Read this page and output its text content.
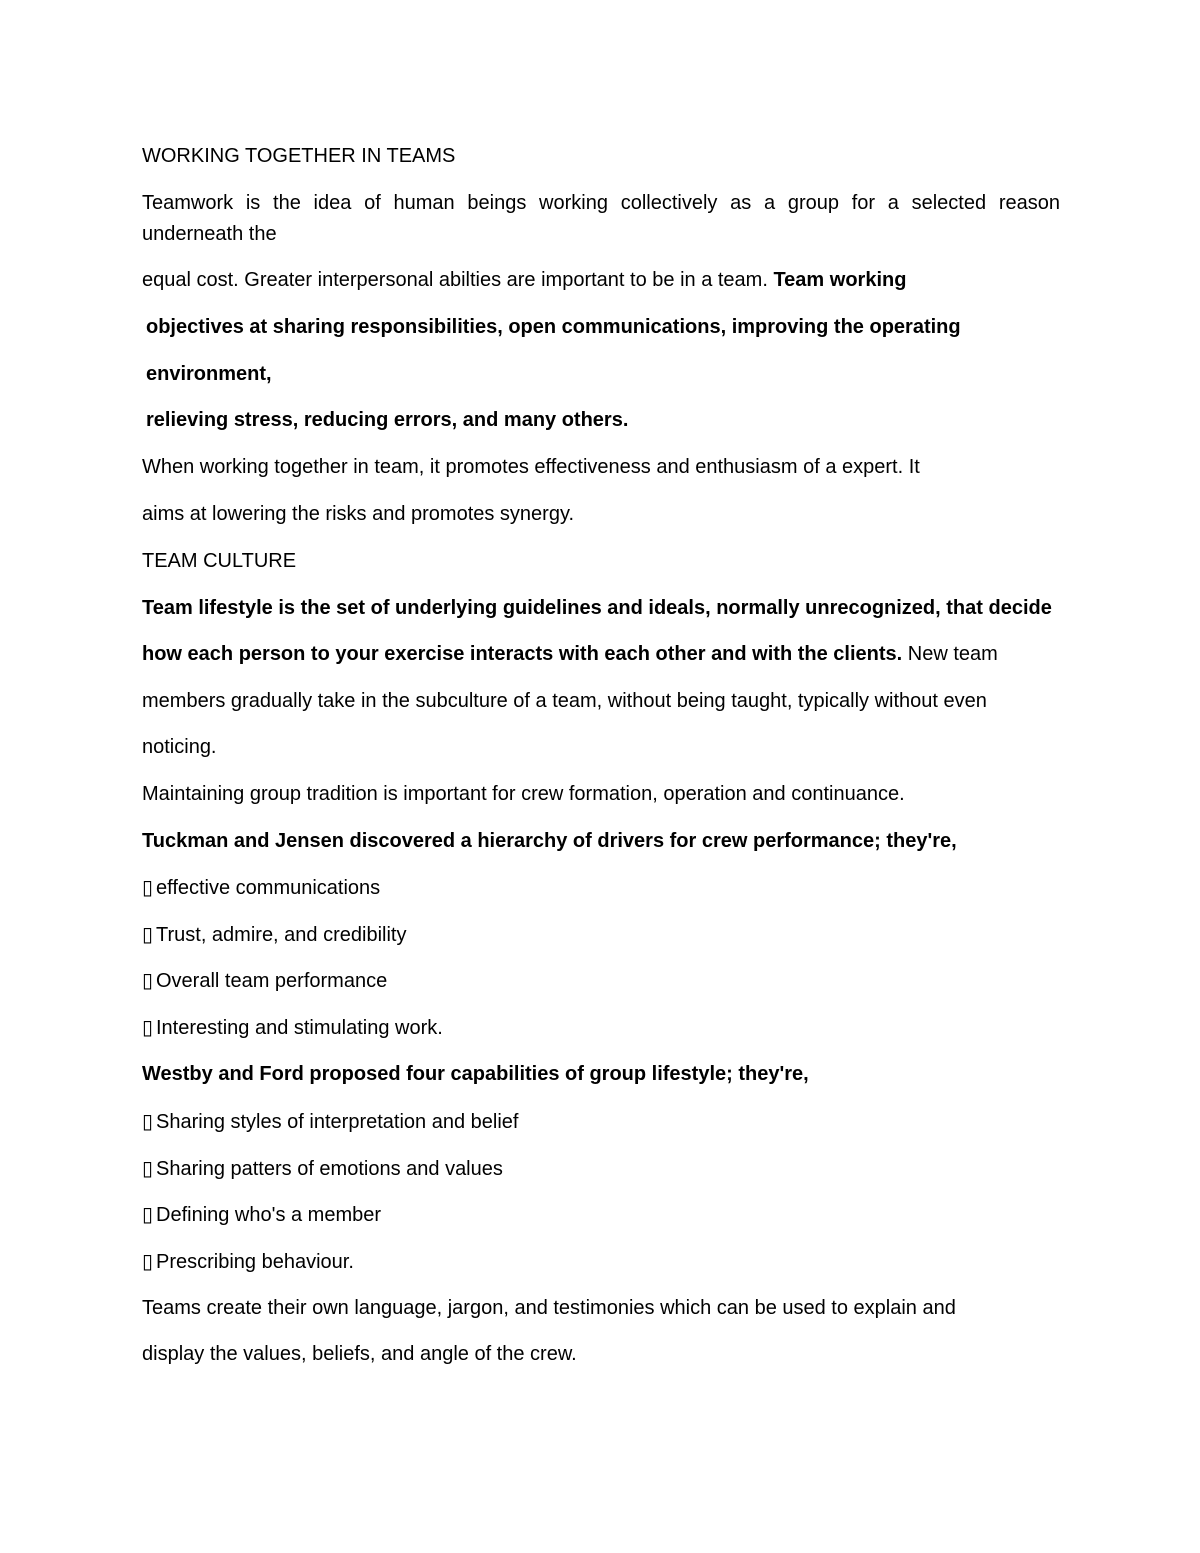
WORKING TOGETHER IN TEAMS
Teamwork is the idea of human beings working collectively as a group for a selected reason
underneath the
equal cost. Greater interpersonal abilties are important to be in a team. Team working
objectives at sharing responsibilities, open communications, improving the operating
environment,
relieving stress, reducing errors, and many others.
When working together in team, it promotes effectiveness and enthusiasm of a expert. It
aims at lowering the risks and promotes synergy.
TEAM CULTURE
Team lifestyle is the set of underlying guidelines and ideals, normally unrecognized, that decide
how each person to your exercise interacts with each other and with the clients. New team
members gradually take in the subculture of a team, without being taught, typically without even
noticing.
Maintaining group tradition is important for crew formation, operation and continuance.
Tuckman and Jensen discovered a hierarchy of drivers for crew performance; they're,
▯ effective communications
▯ Trust, admire, and credibility
▯ Overall team performance
▯ Interesting and stimulating work.
Westby and Ford proposed four capabilities of group lifestyle; they're,
▯ Sharing styles of interpretation and belief
▯ Sharing patters of emotions and values
▯ Defining who's a member
▯ Prescribing behaviour.
Teams create their own language, jargon, and testimonies which can be used to explain and
display the values, beliefs, and angle of the crew.
